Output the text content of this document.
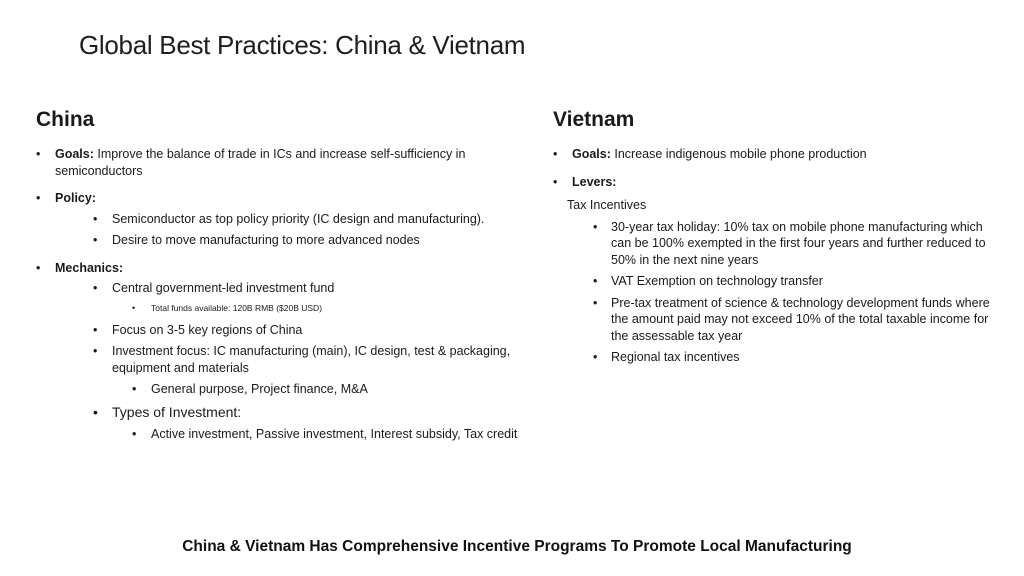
Global Best Practices: China & Vietnam
China
• Goals: Improve the balance of trade in ICs and increase self-sufficiency in semiconductors
• Policy:
• Semiconductor as top policy priority (IC design and manufacturing).
• Desire to move manufacturing to more advanced nodes
• Mechanics:
• Central government-led investment fund
• Total funds available: 120B RMB ($20B USD)
• Focus on 3-5 key regions of China
• Investment focus: IC manufacturing (main), IC design, test & packaging, equipment and materials
• General purpose, Project finance, M&A
• Types of Investment:
• Active investment, Passive investment, Interest subsidy, Tax credit
Vietnam
• Goals: Increase indigenous mobile phone production
• Levers:
Tax Incentives
• 30-year tax holiday: 10% tax on mobile phone manufacturing which can be 100% exempted in the first four years and further reduced to 50% in the next nine years
• VAT Exemption on technology transfer
• Pre-tax treatment of science & technology development funds where the amount paid may not exceed 10% of the total taxable income for the assessable tax year
• Regional tax incentives
China & Vietnam Has Comprehensive Incentive Programs To Promote Local Manufacturing
